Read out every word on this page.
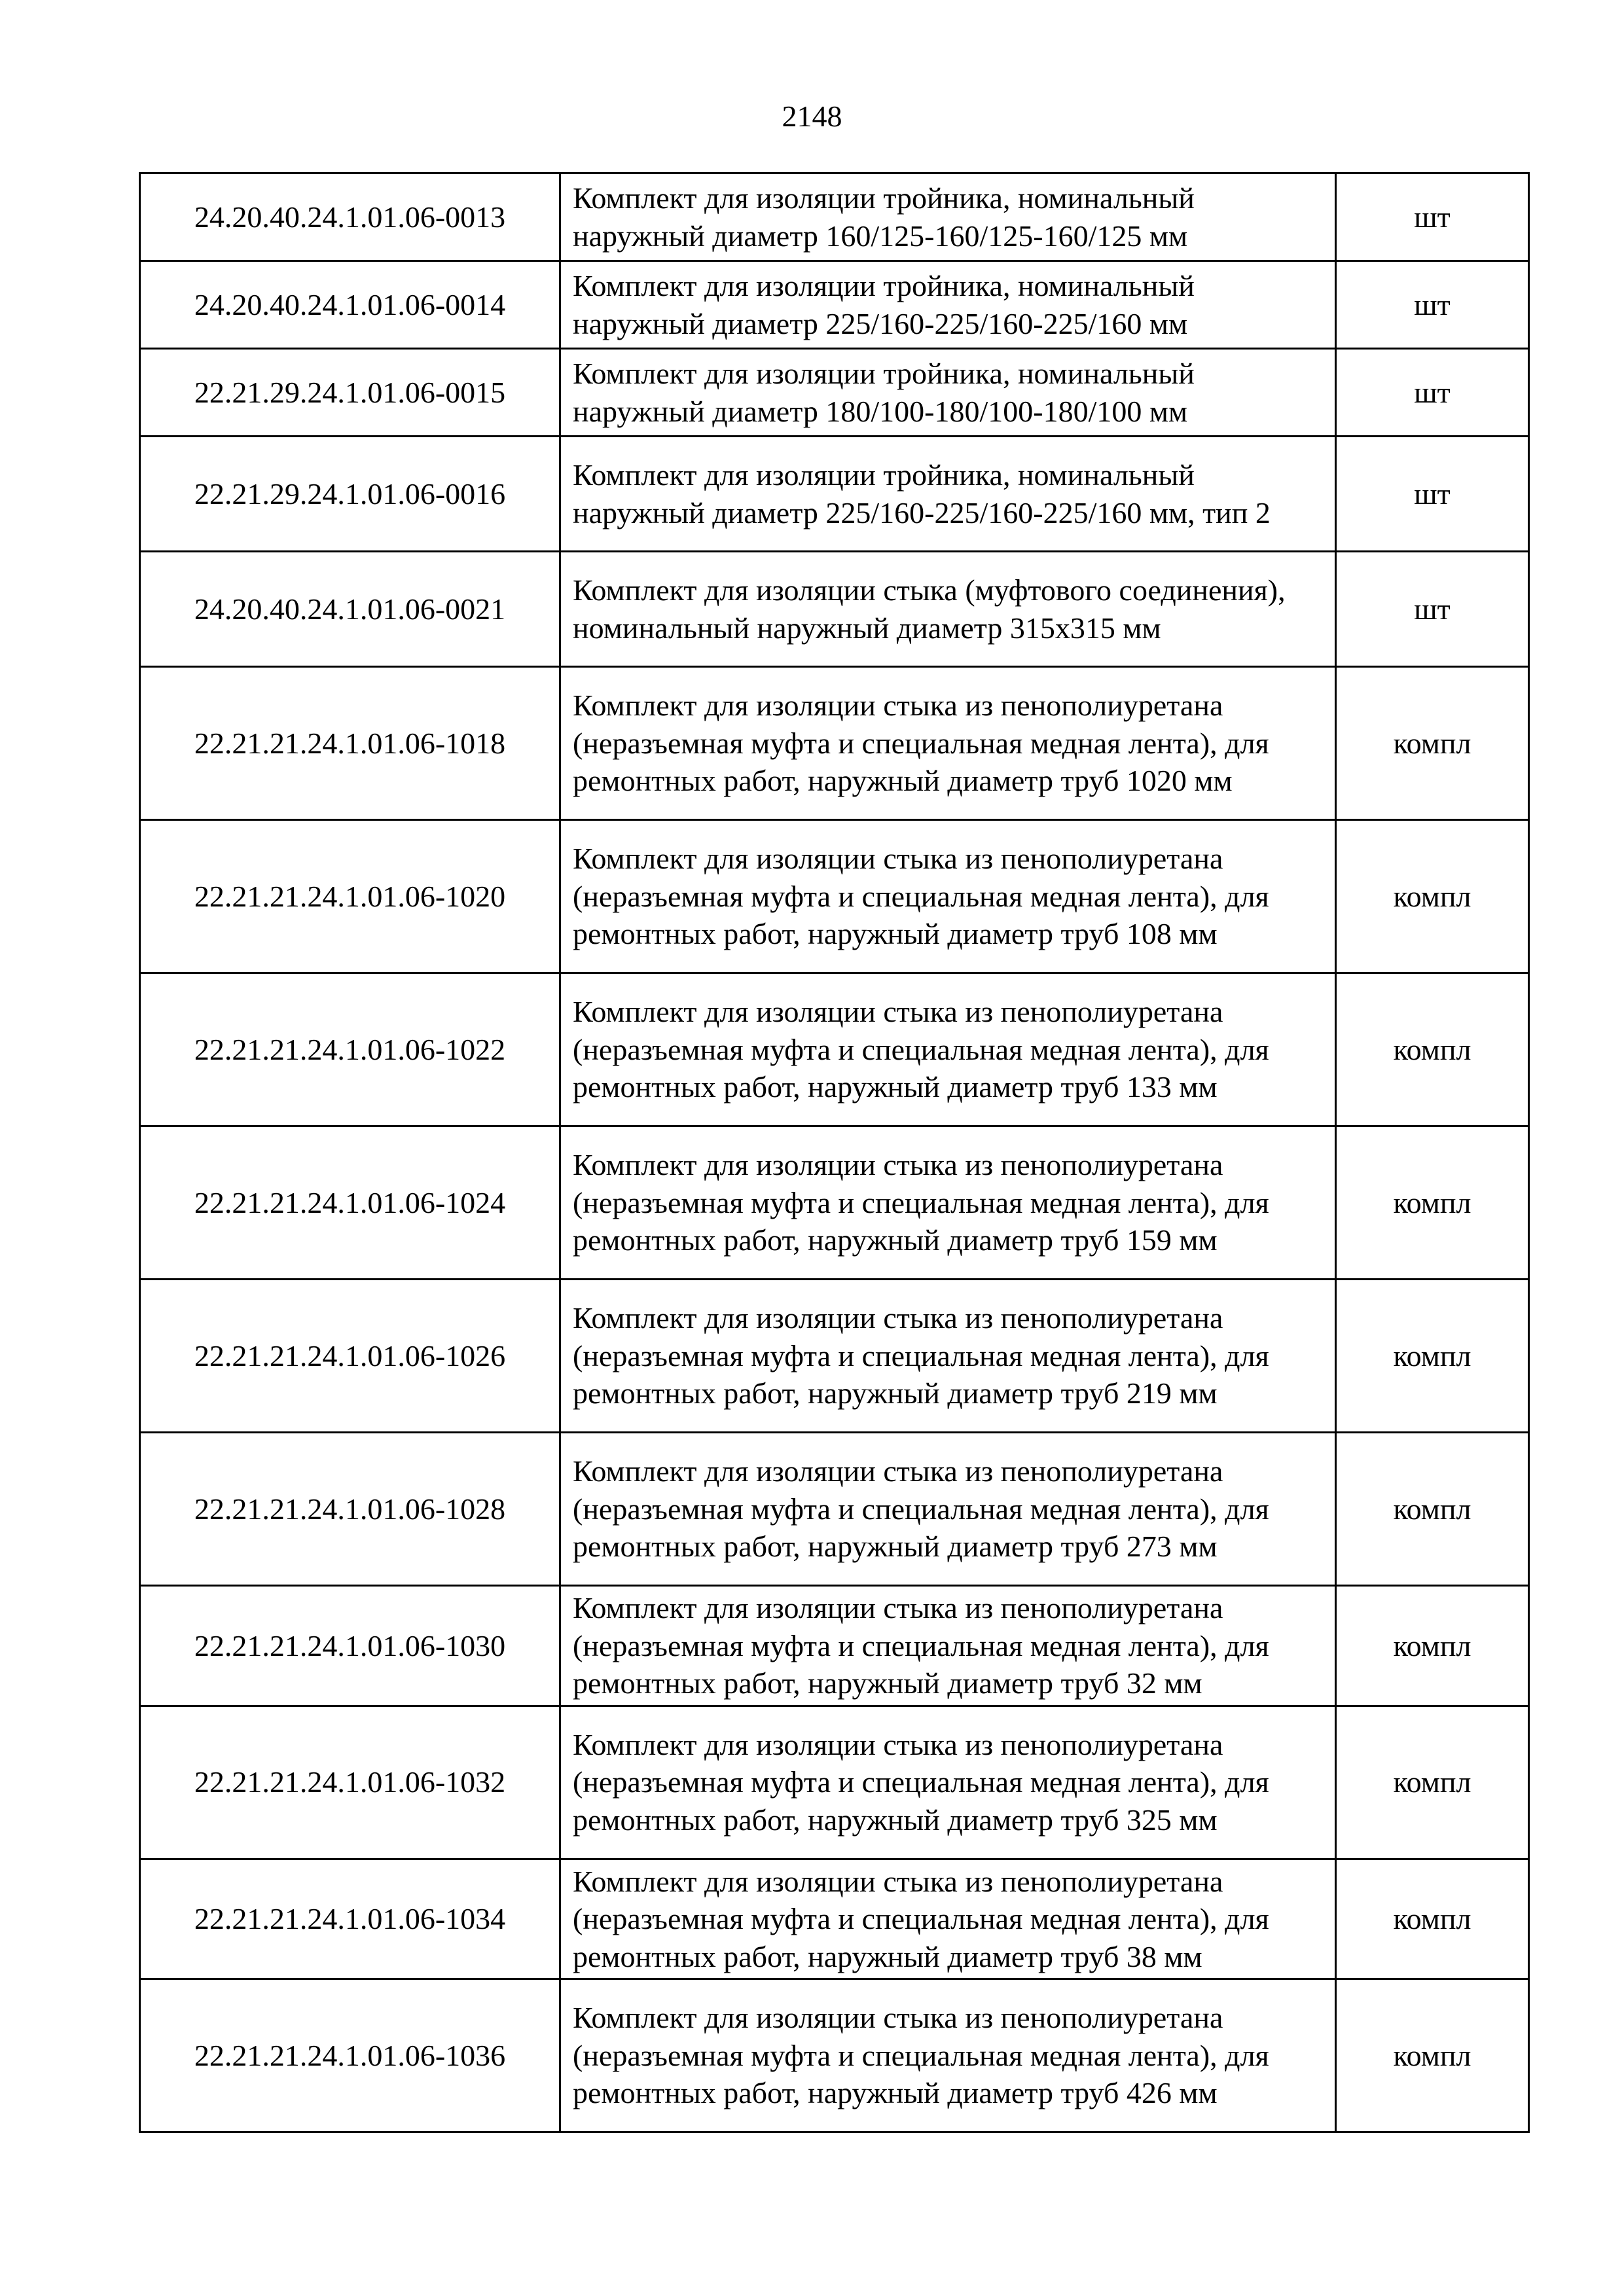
2148
24.20.40.24.1.01.06-0013	Комплект для изоляции тройника, номинальный наружный диаметр 160/125-160/125-160/125 мм	шт
24.20.40.24.1.01.06-0014	Комплект для изоляции тройника, номинальный наружный диаметр 225/160-225/160-225/160 мм	шт
22.21.29.24.1.01.06-0015	Комплект для изоляции тройника, номинальный наружный диаметр 180/100-180/100-180/100 мм	шт
22.21.29.24.1.01.06-0016	Комплект для изоляции тройника, номинальный наружный диаметр 225/160-225/160-225/160 мм, тип 2	шт
24.20.40.24.1.01.06-0021	Комплект для изоляции стыка (муфтового соединения), номинальный наружный диаметр 315x315 мм	шт
22.21.21.24.1.01.06-1018	Комплект для изоляции стыка из пенополиуретана (неразъемная муфта и специальная медная лента), для ремонтных работ, наружный диаметр труб 1020 мм	компл
22.21.21.24.1.01.06-1020	Комплект для изоляции стыка из пенополиуретана (неразъемная муфта и специальная медная лента), для ремонтных работ, наружный диаметр труб 108 мм	компл
22.21.21.24.1.01.06-1022	Комплект для изоляции стыка из пенополиуретана (неразъемная муфта и специальная медная лента), для ремонтных работ, наружный диаметр труб 133 мм	компл
22.21.21.24.1.01.06-1024	Комплект для изоляции стыка из пенополиуретана (неразъемная муфта и специальная медная лента), для ремонтных работ, наружный диаметр труб 159 мм	компл
22.21.21.24.1.01.06-1026	Комплект для изоляции стыка из пенополиуретана (неразъемная муфта и специальная медная лента), для ремонтных работ, наружный диаметр труб 219 мм	компл
22.21.21.24.1.01.06-1028	Комплект для изоляции стыка из пенополиуретана (неразъемная муфта и специальная медная лента), для ремонтных работ, наружный диаметр труб 273 мм	компл
22.21.21.24.1.01.06-1030	Комплект для изоляции стыка из пенополиуретана (неразъемная муфта и специальная медная лента), для ремонтных работ, наружный диаметр труб 32 мм	компл
22.21.21.24.1.01.06-1032	Комплект для изоляции стыка из пенополиуретана (неразъемная муфта и специальная медная лента), для ремонтных работ, наружный диаметр труб 325 мм	компл
22.21.21.24.1.01.06-1034	Комплект для изоляции стыка из пенополиуретана (неразъемная муфта и специальная медная лента), для ремонтных работ, наружный диаметр труб 38 мм	компл
22.21.21.24.1.01.06-1036	Комплект для изоляции стыка из пенополиуретана (неразъемная муфта и специальная медная лента), для ремонтных работ, наружный диаметр труб 426 мм	компл
